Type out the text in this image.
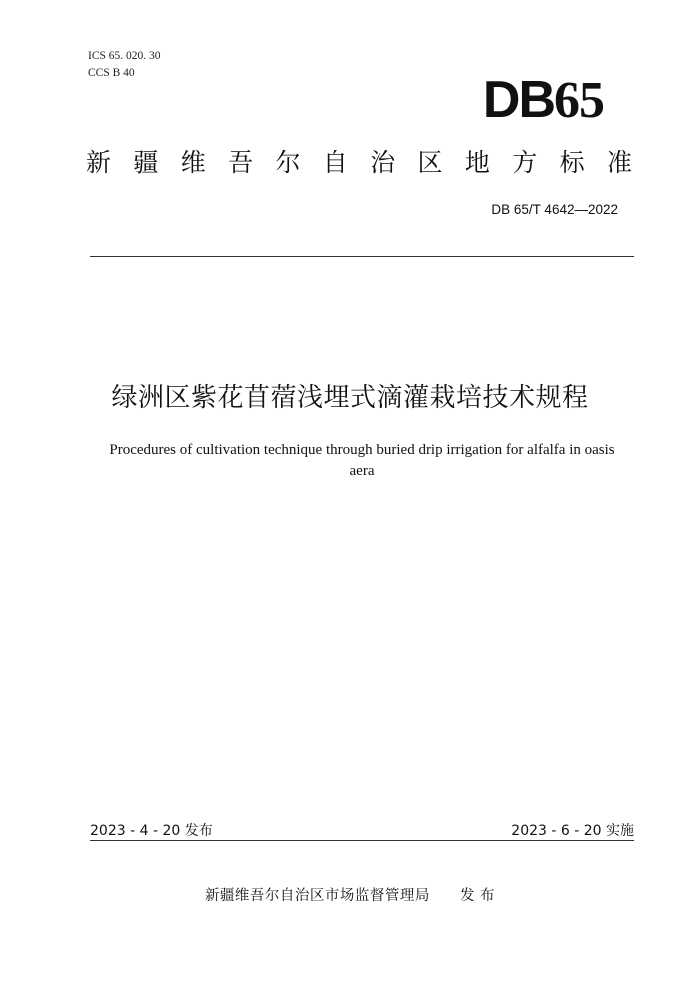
ICS 65. 020. 30
CCS B 40	DB65
新 疆 维 吾 尔 自 治 区 地 方 标 准
DB 65/T 4642—2022
绿洲区紫花苜蓿浅埋式滴灌栽培技术规程
Procedures of cultivation technique through buried drip irrigation for alfalfa in oasis
aera
2023 - 4 - 20 发布	2023 - 6 - 20 实施
新疆维吾尔自治区市场监督管理局 发 布
